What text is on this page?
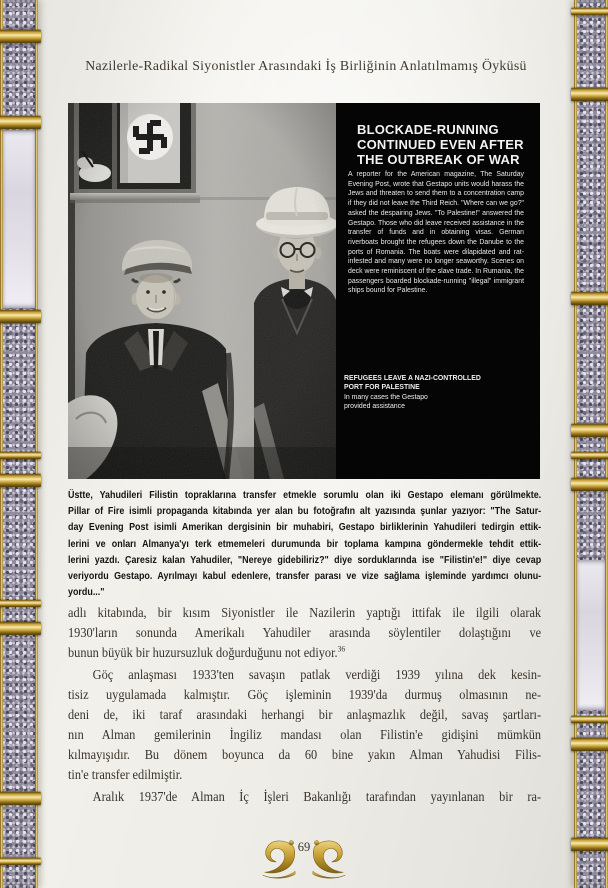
Nazilerle-Radikal Siyonistler Arasındaki İş Birliğinin Anlatılmamış Öyküsü
BLOCKADE-RUNNING
CONTINUED EVEN AFTER
THE OUTBREAK OF WAR
A reporter for the American magazine, The Saturday Evening Post, wrote that Gestapo units would harass the Jews and threaten to send them to a concentration camp if they did not leave the Third Reich. "Where can we go?" asked the despairing Jews. "To Palestine!" answered the Gestapo. Those who did leave received assistance in the transfer of funds and in obtaining visas. German riverboats brought the refugees down the Danube to the ports of Romania. The boats were dilapidated and rat-infested and many were no longer seaworthy. Scenes on deck were reminiscent of the slave trade. In Rumania, the passengers boarded blockade-running "illegal" immigrant ships bound for Palestine.
REFUGEES LEAVE A NAZI-CONTROLLED
PORT FOR PALESTINE
In many cases the Gestapo
provided assistance
Üstte, Yahudileri Filistin topraklarına transfer etmekle sorumlu olan iki Gestapo elemanı görülmekte.
Pillar of Fire isimli propaganda kitabında yer alan bu fotoğrafın alt yazısında şunlar yazıyor: "The Satur-
day Evening Post isimli Amerikan dergisinin bir muhabiri, Gestapo birliklerinin Yahudileri tedirgin ettik-
lerini ve onları Almanya'yı terk etmemeleri durumunda bir toplama kampına göndermekle tehdit ettik-
lerini yazdı. Çaresiz kalan Yahudiler, "Nereye gidebiliriz?" diye sorduklarında ise "Filistin'e!" diye cevap
veriyordu Gestapo. Ayrılmayı kabul edenlere, transfer parası ve vize sağlama işleminde yardımcı olunu-
yordu..."
adlı kitabında, bir kısım Siyonistler ile Nazilerin yaptığı ittifak ile ilgili olarak
1930'ların sonunda Amerikalı Yahudiler arasında söylentiler dolaştığını ve
bunun büyük bir huzursuzluk doğurduğunu not ediyor.$^{36}$
Göç anlaşması 1933'ten savaşın patlak verdiği 1939 yılına dek kesin-
tisiz uygulamada kalmıştır. Göç işleminin 1939'da durmuş olmasının ne-
deni de, iki taraf arasındaki herhangi bir anlaşmazlık değil, savaş şartları-
nın Alman gemilerinin İngiliz mandası olan Filistin'e gidişini mümkün
kılmayışıdır. Bu dönem boyunca da 60 bine yakın Alman Yahudisi Filis-
tin'e transfer edilmiştir.
Aralık 1937'de Alman İç İşleri Bakanlığı tarafından yayınlanan bir ra-
69
